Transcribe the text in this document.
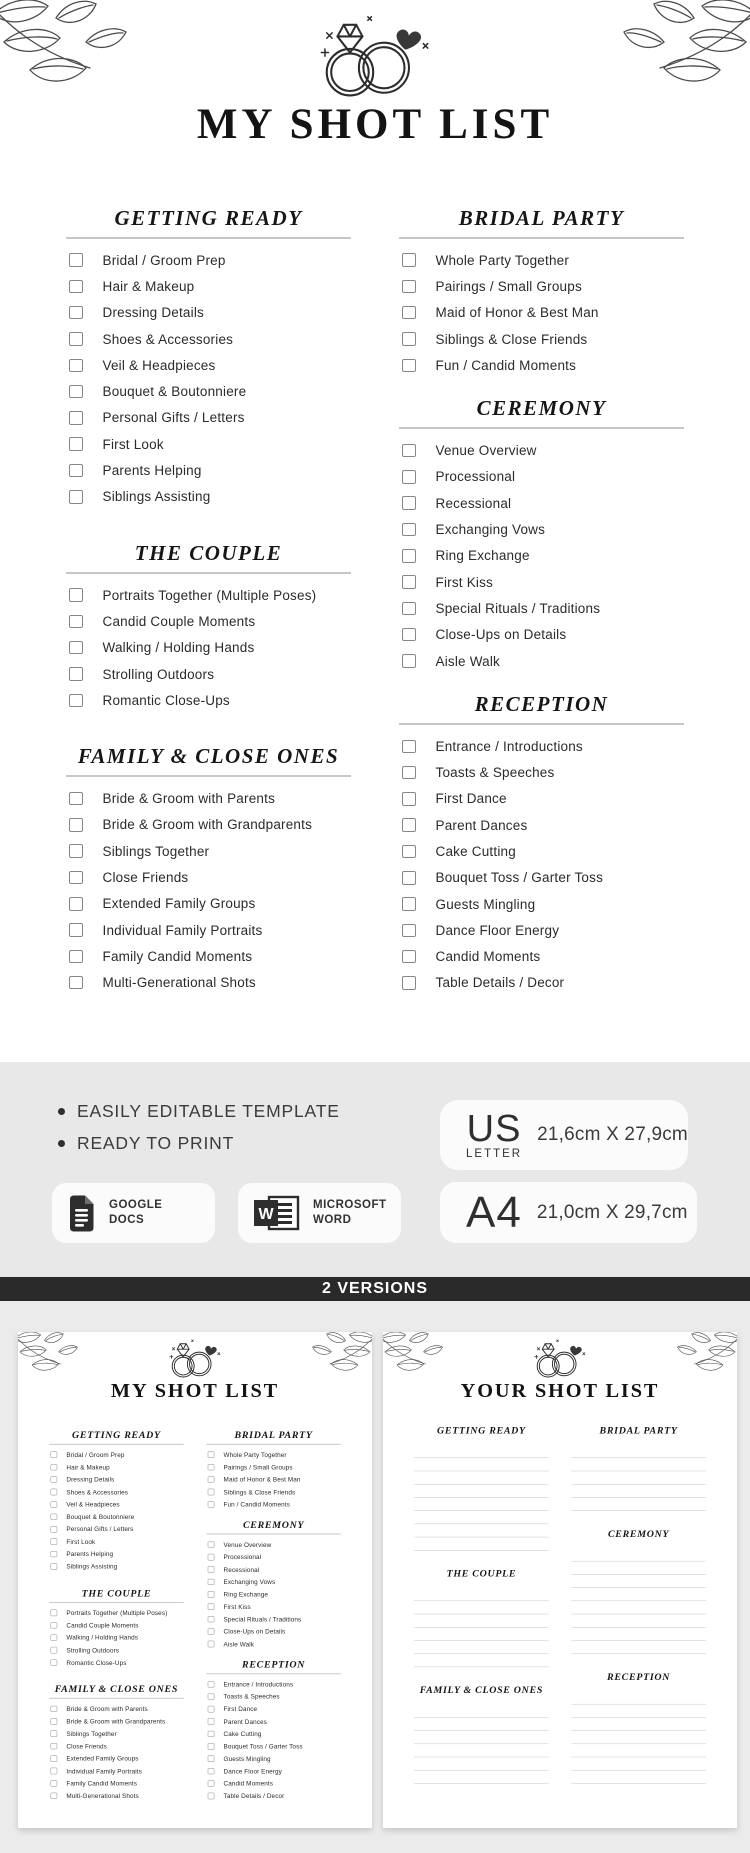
MY SHOT LIST
GETTING READY
Bridal / Groom Prep
Hair & Makeup
Dressing Details
Shoes & Accessories
Veil & Headpieces
Bouquet & Boutonniere
Personal Gifts / Letters
First Look
Parents Helping
Siblings Assisting
THE COUPLE
Portraits Together (Multiple Poses)
Candid Couple Moments
Walking / Holding Hands
Strolling Outdoors
Romantic Close-Ups
FAMILY & CLOSE ONES
Bride & Groom with Parents
Bride & Groom with Grandparents
Siblings Together
Close Friends
Extended Family Groups
Individual Family Portraits
Family Candid Moments
Multi-Generational Shots
BRIDAL PARTY
Whole Party Together
Pairings / Small Groups
Maid of Honor & Best Man
Siblings & Close Friends
Fun / Candid Moments
CEREMONY
Venue Overview
Processional
Recessional
Exchanging Vows
Ring Exchange
First Kiss
Special Rituals / Traditions
Close-Ups on Details
Aisle Walk
RECEPTION
Entrance / Introductions
Toasts & Speeches
First Dance
Parent Dances
Cake Cutting
Bouquet Toss / Garter Toss
Guests Mingling
Dance Floor Energy
Candid Moments
Table Details / Decor
EASILY EDITABLE TEMPLATE
READY TO PRINT
GOOGLE
DOCS	W
MICROSOFT
WORD
US
LETTER
21,6cm X 27,9cm
A4 21,0cm X 29,7cm
2 VERSIONS
MY SHOT LIST
GETTING READY
Bridal / Groom Prep
Hair & Makeup
Dressing Details
Shoes & Accessories
Veil & Headpieces
Bouquet & Boutonniere
Personal Gifts / Letters
First Look
Parents Helping
Siblings Assisting
THE COUPLE
Portraits Together (Multiple Poses)
Candid Couple Moments
Walking / Holding Hands
Strolling Outdoors
Romantic Close-Ups
FAMILY & CLOSE ONES
Bride & Groom with Parents
Bride & Groom with Grandparents
Siblings Together
Close Friends
Extended Family Groups
Individual Family Portraits
Family Candid Moments
Multi-Generational Shots
BRIDAL PARTY
Whole Party Together
Pairings / Small Groups
Maid of Honor & Best Man
Siblings & Close Friends
Fun / Candid Moments
CEREMONY
Venue Overview
Processional
Recessional
Exchanging Vows
Ring Exchange
First Kiss
Special Rituals / Traditions
Close-Ups on Details
Aisle Walk
RECEPTION
Entrance / Introductions
Toasts & Speeches
First Dance
Parent Dances
Cake Cutting
Bouquet Toss / Garter Toss
Guests Mingling
Dance Floor Energy
Candid Moments
Table Details / Decor
YOUR SHOT LIST
GETTING READY
THE COUPLE
FAMILY & CLOSE ONES
BRIDAL PARTY
CEREMONY
RECEPTION
